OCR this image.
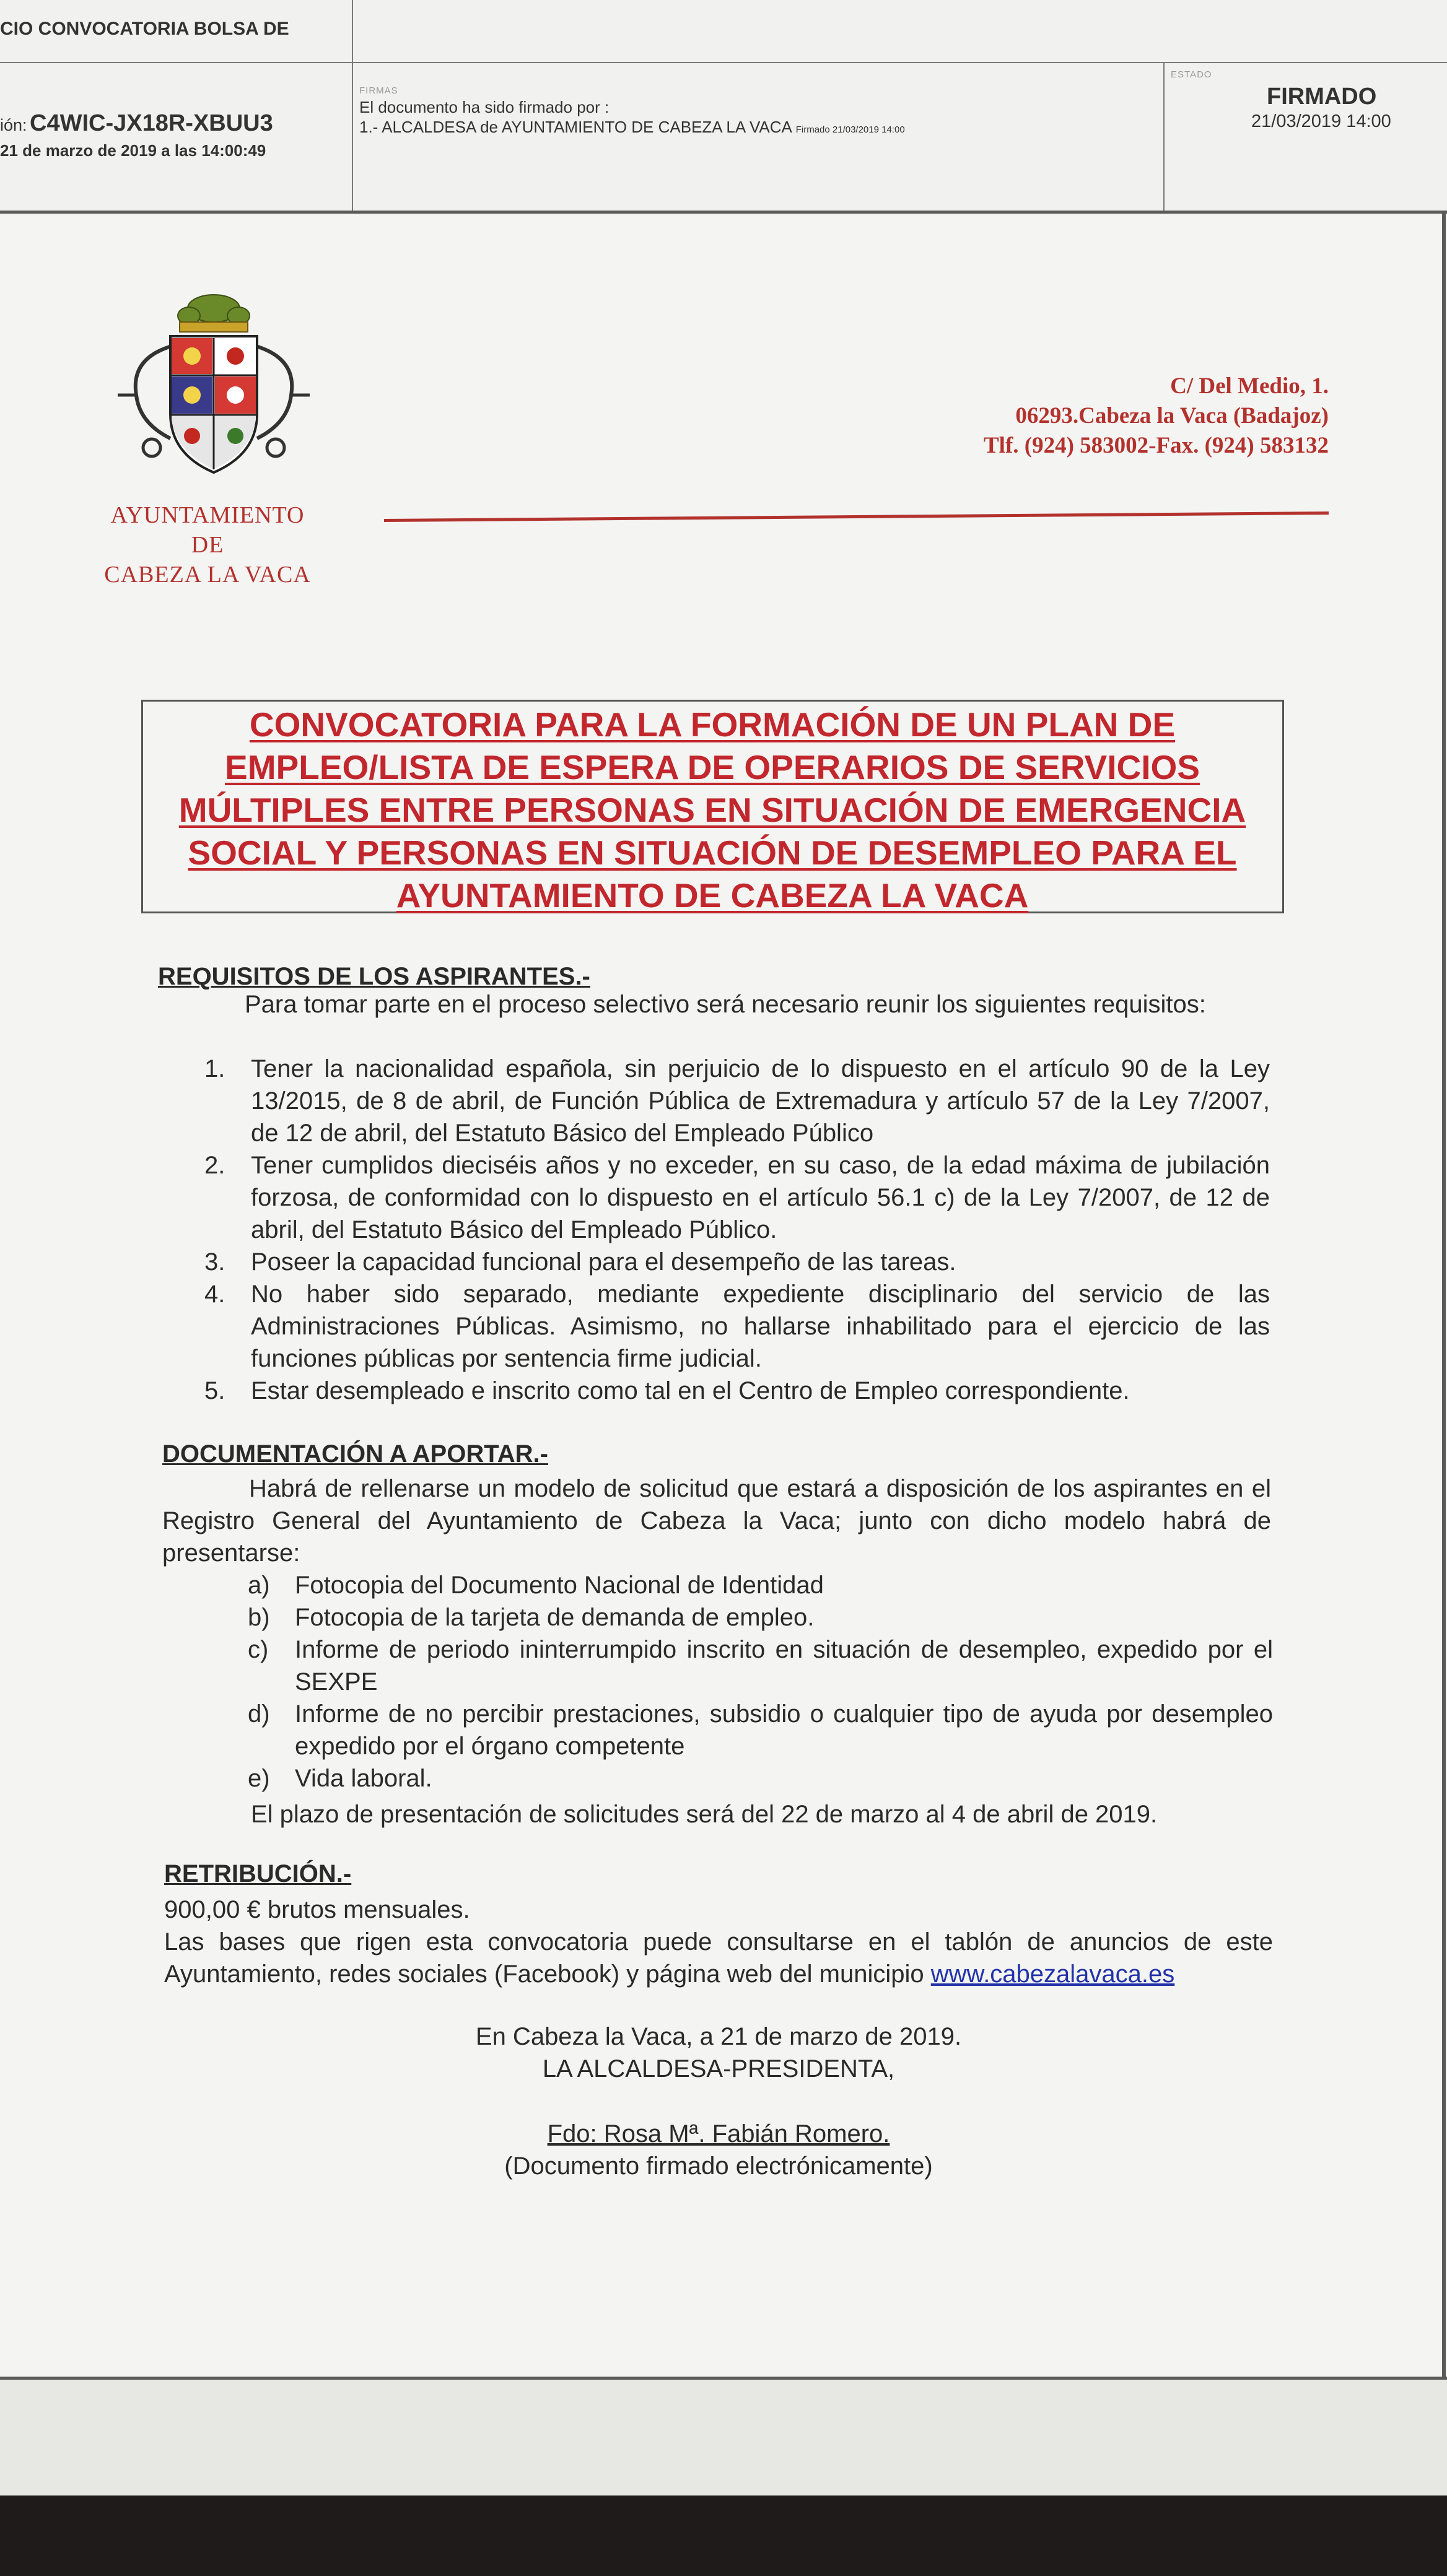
CIO CONVOCATORIA BOLSA DE
ión: C4WIC-JX18R-XBUU3
21 de marzo de 2019 a las 14:00:49
FIRMAS
El documento ha sido firmado por :
1.- ALCALDESA de AYUNTAMIENTO DE CABEZA LA VACA Firmado 21/03/2019 14:00
ESTADO
FIRMADO
21/03/2019 14:00
AYUNTAMIENTO
DE
CABEZA LA VACA
C/ Del Medio, 1.
06293.Cabeza la Vaca (Badajoz)
Tlf. (924) 583002-Fax. (924) 583132
CONVOCATORIA PARA LA FORMACIÓN DE UN PLAN DE
EMPLEO/LISTA DE ESPERA DE OPERARIOS DE SERVICIOS
MÚLTIPLES ENTRE PERSONAS EN SITUACIÓN DE EMERGENCIA
SOCIAL Y PERSONAS EN SITUACIÓN DE DESEMPLEO PARA EL
AYUNTAMIENTO DE CABEZA LA VACA
REQUISITOS DE LOS ASPIRANTES.-
Para tomar parte en el proceso selectivo será necesario reunir los siguientes requisitos:
1. Tener la nacionalidad española, sin perjuicio de lo dispuesto en el artículo 90 de la Ley 13/2015, de 8 de abril, de Función Pública de Extremadura y artículo 57 de la Ley 7/2007, de 12 de abril, del Estatuto Básico del Empleado Público
2. Tener cumplidos dieciséis años y no exceder, en su caso, de la edad máxima de jubilación forzosa, de conformidad con lo dispuesto en el artículo 56.1 c) de la Ley 7/2007, de 12 de abril, del Estatuto Básico del Empleado Público.
3. Poseer la capacidad funcional para el desempeño de las tareas.
4. No haber sido separado, mediante expediente disciplinario del servicio de las Administraciones Públicas. Asimismo, no hallarse inhabilitado para el ejercicio de las funciones públicas por sentencia firme judicial.
5. Estar desempleado e inscrito como tal en el Centro de Empleo correspondiente.
DOCUMENTACIÓN A APORTAR.-
Habrá de rellenarse un modelo de solicitud que estará a disposición de los aspirantes en el Registro General del Ayuntamiento de Cabeza la Vaca; junto con dicho modelo habrá de presentarse:
a) Fotocopia del Documento Nacional de Identidad
b) Fotocopia de la tarjeta de demanda de empleo.
c) Informe de periodo ininterrumpido inscrito en situación de desempleo, expedido por el SEXPE
d) Informe de no percibir prestaciones, subsidio o cualquier tipo de ayuda por desempleo expedido por el órgano competente
e) Vida laboral.
El plazo de presentación de solicitudes será del 22 de marzo al 4 de abril de 2019.
RETRIBUCIÓN.-
900,00 € brutos mensuales.
Las bases que rigen esta convocatoria puede consultarse en el tablón de anuncios de este Ayuntamiento, redes sociales (Facebook) y página web del municipio www.cabezalavaca.es
En Cabeza la Vaca, a 21 de marzo de 2019.
LA ALCALDESA-PRESIDENTA,
Fdo: Rosa Mª. Fabián Romero.
(Documento firmado electrónicamente)
